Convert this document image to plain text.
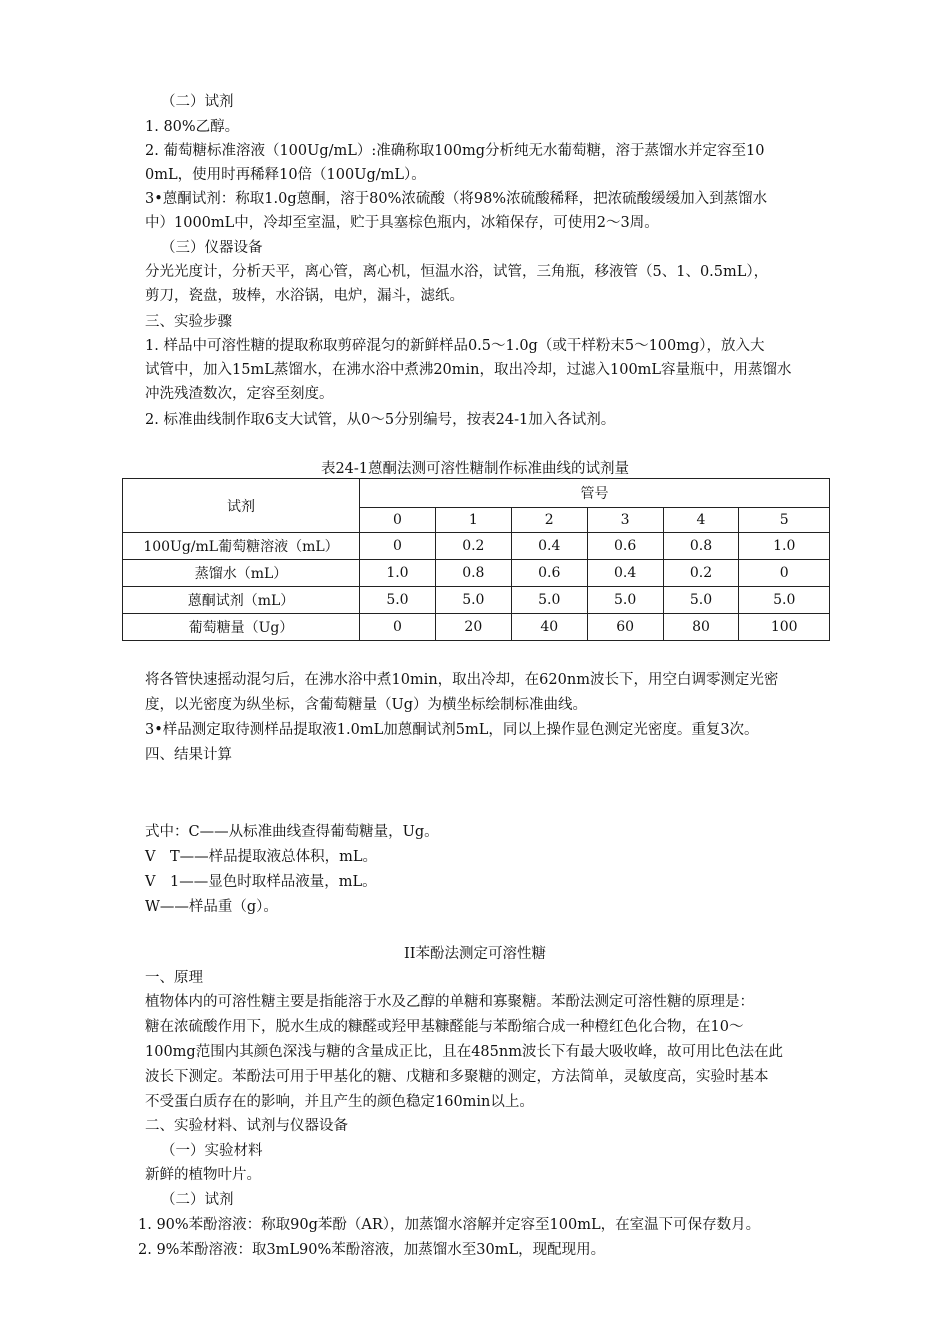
（二）试剂
1. 80%乙醇。
2. 葡萄糖标准溶液（100Ug/mL）:准确称取100mg分析纯无水葡萄糖，溶于蒸馏水并定容至10
0mL，使用时再稀释10倍（100Ug/mL）。
3•蒽酮试剂：称取1.0g蒽酮，溶于80%浓硫酸（将98%浓硫酸稀释，把浓硫酸缓缓加入到蒸馏水
中）1000mL中，冷却至室温，贮于具塞棕色瓶内，冰箱保存，可使用2〜3周。
（三）仪器设备
分光光度计，分析天平，离心管，离心机，恒温水浴，试管，三角瓶，移液管（5、1、0.5mL），
剪刀，瓷盘，玻棒，水浴锅，电炉，漏斗，滤纸。
三、实验步骤
1. 样品中可溶性糖的提取称取剪碎混匀的新鲜样品0.5〜1.0g（或干样粉末5〜100mg），放入大
试管中，加入15mL蒸馏水，在沸水浴中煮沸20min，取出冷却，过滤入100mL容量瓶中，用蒸馏水
冲洗残渣数次，定容至刻度。
2. 标准曲线制作取6支大试管，从0〜5分别编号，按表24-1加入各试剂。
表24-1蒽酮法测可溶性糖制作标准曲线的试剂量
试剂	管号					
	0	1	2	3	4	5
100Ug/mL葡萄糖溶液（mL）	0	0.2	0.4	0.6	0.8	1.0
蒸馏水（mL）	1.0	0.8	0.6	0.4	0.2	0
蒽酮试剂（mL）	5.0	5.0	5.0	5.0	5.0	5.0
葡萄糖量（Ug）	0	20	40	60	80	100
将各管快速摇动混匀后，在沸水浴中煮10min，取出冷却，在620nm波长下，用空白调零测定光密
度，以光密度为纵坐标，含葡萄糖量（Ug）为横坐标绘制标准曲线。
3•样品测定取待测样品提取液1.0mL加蒽酮试剂5mL，同以上操作显色测定光密度。重复3次。
四、结果计算
式中：C——从标准曲线查得葡萄糖量，Ug。
V　T——样品提取液总体积，mL。
V　1——显色时取样品液量，mL。
W——样品重（g）。
II苯酚法测定可溶性糖
一、原理
植物体内的可溶性糖主要是指能溶于水及乙醇的单糖和寡聚糖。苯酚法测定可溶性糖的原理是：
糖在浓硫酸作用下，脱水生成的糠醛或羟甲基糠醛能与苯酚缩合成一种橙红色化合物，在10〜
100mg范围内其颜色深浅与糖的含量成正比，且在485nm波长下有最大吸收峰，故可用比色法在此
波长下测定。苯酚法可用于甲基化的糖、戊糖和多聚糖的测定，方法简单，灵敏度高，实验时基本
不受蛋白质存在的影响，并且产生的颜色稳定160min以上。
二、实验材料、试剂与仪器设备
（一）实验材料
新鲜的植物叶片。
（二）试剂
1. 90%苯酚溶液：称取90g苯酚（AR），加蒸馏水溶解并定容至100mL，在室温下可保存数月。
2. 9%苯酚溶液：取3mL90%苯酚溶液，加蒸馏水至30mL，现配现用。
